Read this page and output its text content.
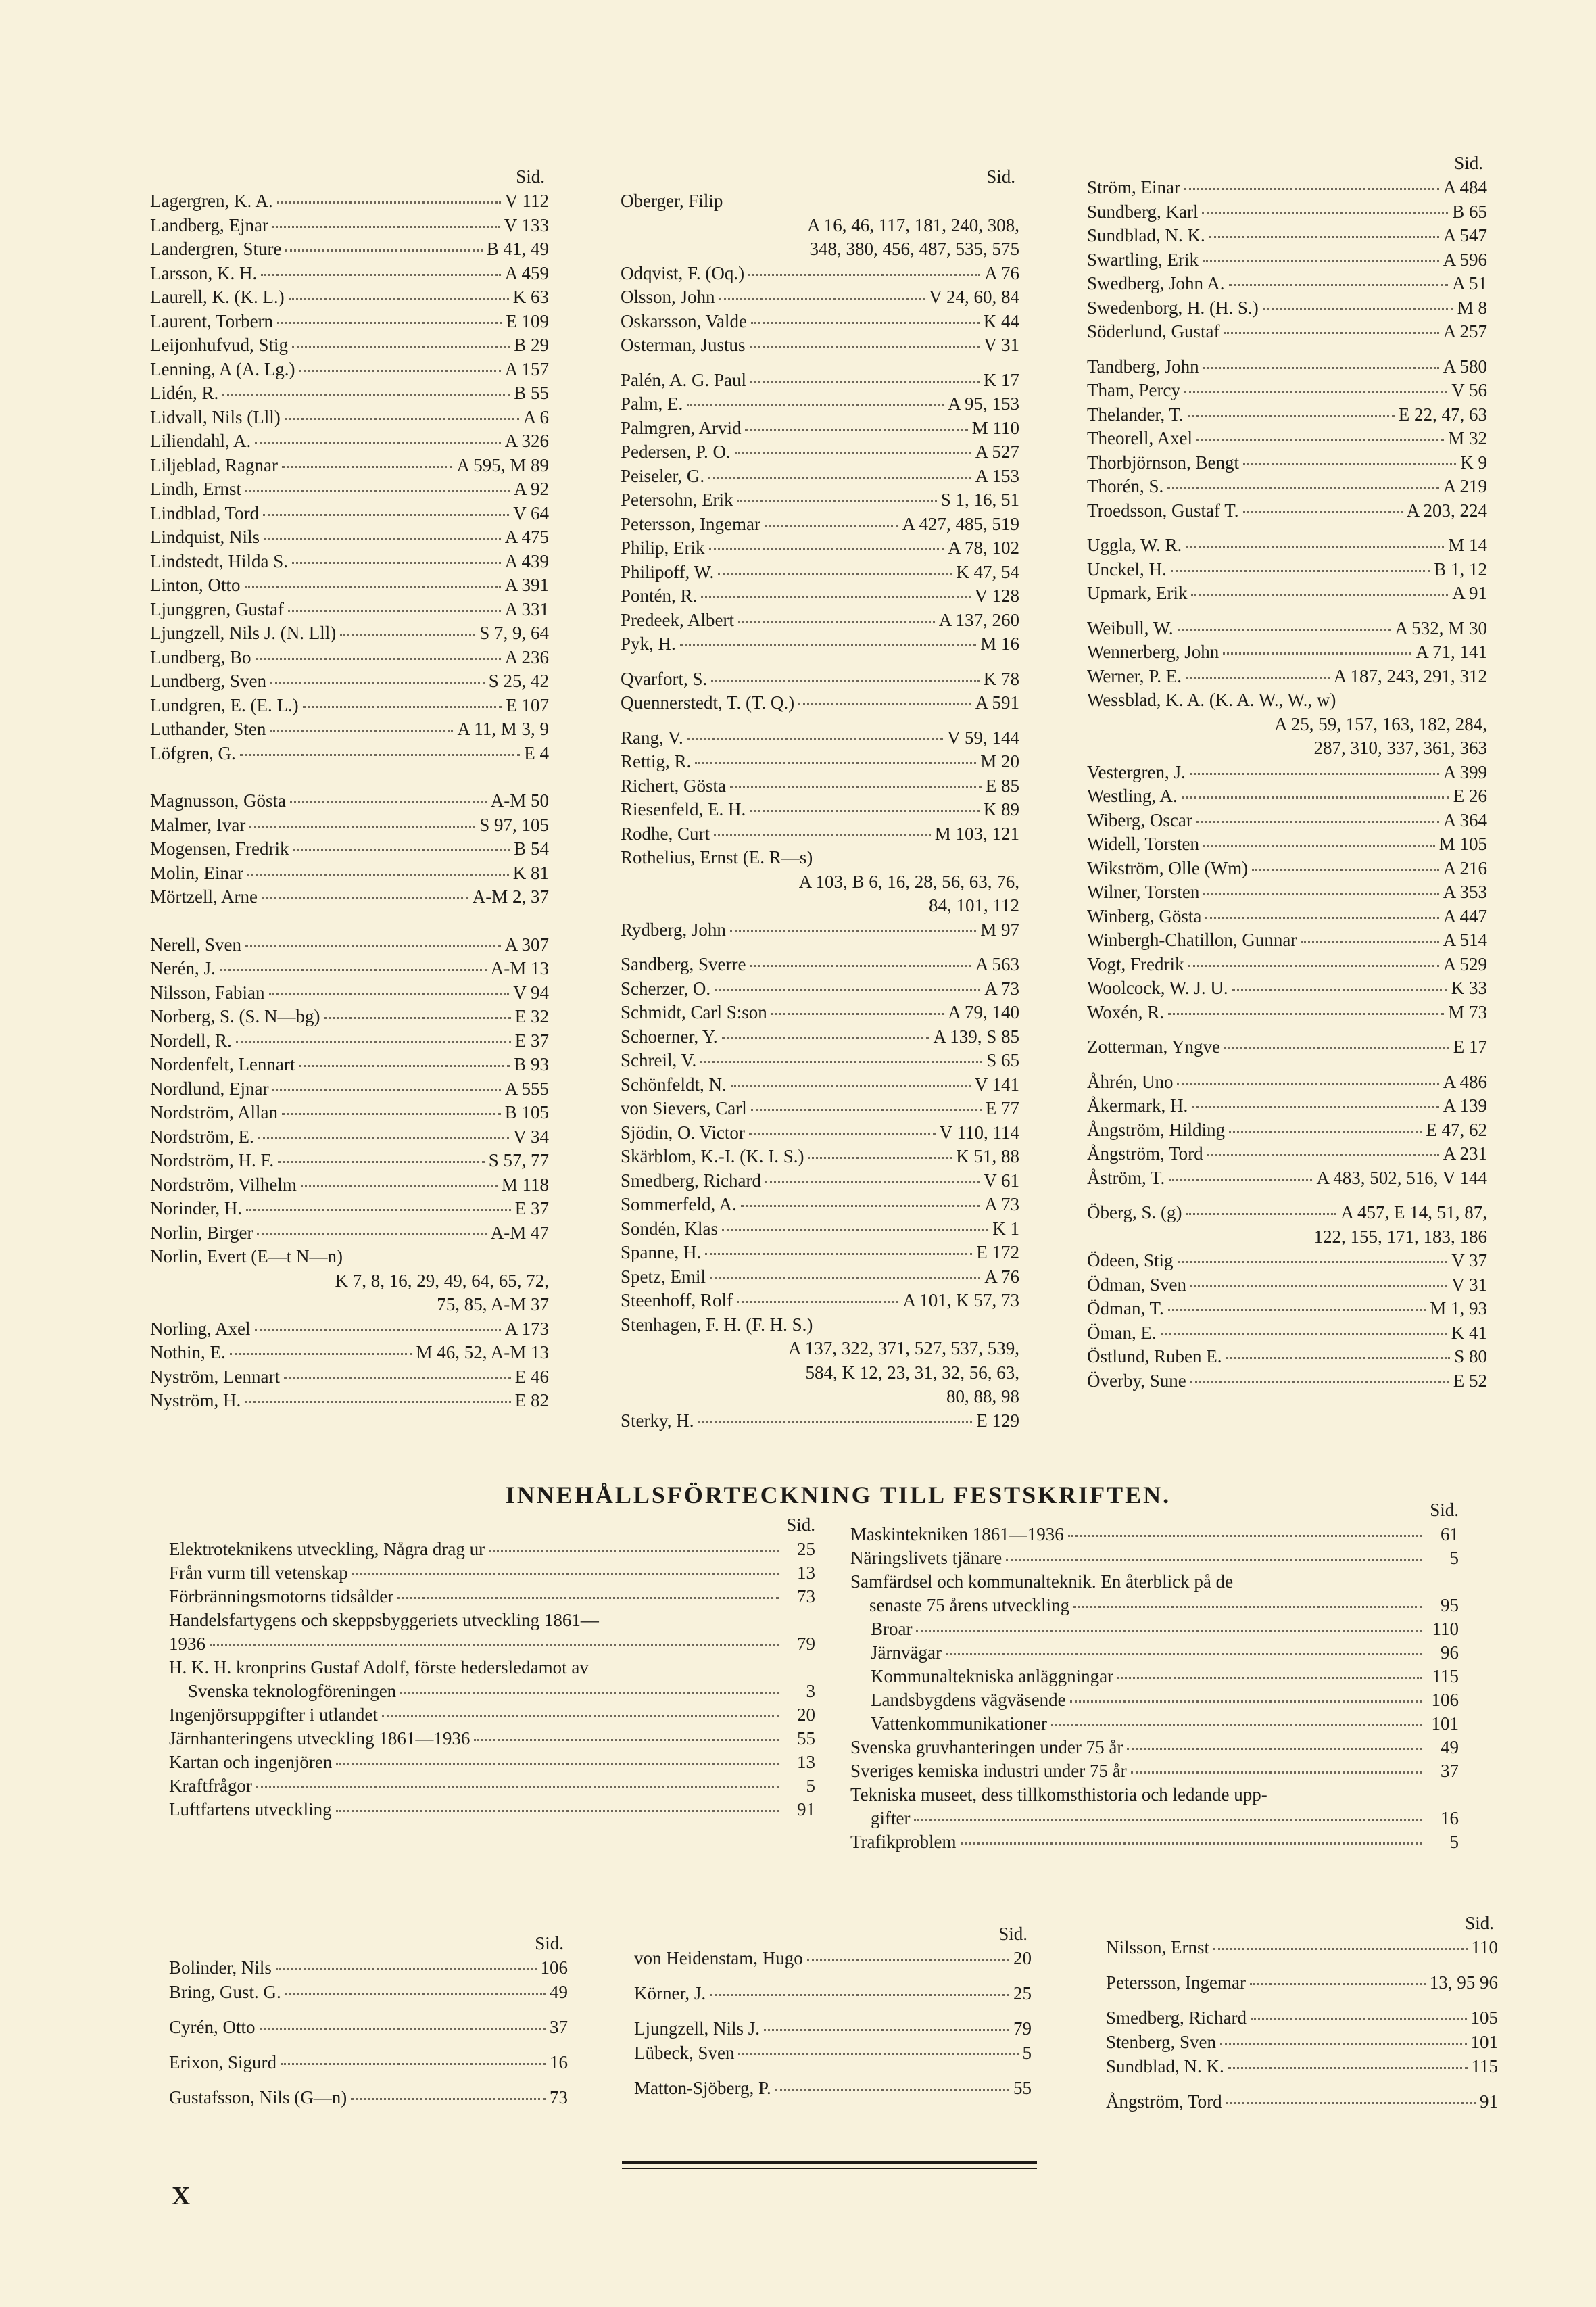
Sid.
Lagergren, K. A.	V 112
Landberg, Ejnar	V 133
Landergren, Sture	B 41, 49
Larsson, K. H.	A 459
Laurell, K. (K. L.)	K 63
Laurent, Torbern	E 109
Leijonhufvud, Stig	B 29
Lenning, A (A. Lg.)	A 157
Lidén, R.	B 55
Lidvall, Nils (Lll)	A 6
Liliendahl, A.	A 326
Liljeblad, Ragnar	A 595, M 89
Lindh, Ernst	A 92
Lindblad, Tord	V 64
Lindquist, Nils	A 475
Lindstedt, Hilda S.	A 439
Linton, Otto	A 391
Ljunggren, Gustaf	A 331
Ljungzell, Nils J. (N. Lll)	S 7, 9, 64
Lundberg, Bo	A 236
Lundberg, Sven	S 25, 42
Lundgren, E. (E. L.)	E 107
Luthander, Sten	A 11, M 3, 9
Löfgren, G.	E 4
Magnusson, Gösta	A-M 50
Malmer, Ivar	S 97, 105
Mogensen, Fredrik	B 54
Molin, Einar	K 81
Mörtzell, Arne	A-M 2, 37
Nerell, Sven	A 307
Nerén, J.	A-M 13
Nilsson, Fabian	V 94
Norberg, S. (S. N—bg)	E 32
Nordell, R.	E 37
Nordenfelt, Lennart	B 93
Nordlund, Ejnar	A 555
Nordström, Allan	B 105
Nordström, E.	V 34
Nordström, H. F.	S 57, 77
Nordström, Vilhelm	M 118
Norinder, H.	E 37
Norlin, Birger	A-M 47
Norlin, Evert (E—t N—n)
K 7, 8, 16, 29, 49, 64, 65, 72,
75, 85, A-M 37
Norling, Axel	A 173
Nothin, E.	M 46, 52, A-M 13
Nyström, Lennart	E 46
Nyström, H.	E 82
Sid.
Oberger, Filip
A 16, 46, 117, 181, 240, 308,
348, 380, 456, 487, 535, 575
Odqvist, F. (Oq.)	A 76
Olsson, John	V 24, 60, 84
Oskarsson, Valde	K 44
Osterman, Justus	V 31
Palén, A. G. Paul	K 17
Palm, E.	A 95, 153
Palmgren, Arvid	M 110
Pedersen, P. O.	A 527
Peiseler, G.	A 153
Petersohn, Erik	S 1, 16, 51
Petersson, Ingemar	A 427, 485, 519
Philip, Erik	A 78, 102
Philipoff, W.	K 47, 54
Pontén, R.	V 128
Predeek, Albert	A 137, 260
Pyk, H.	M 16
Qvarfort, S.	K 78
Quennerstedt, T. (T. Q.)	A 591
Rang, V.	V 59, 144
Rettig, R.	M 20
Richert, Gösta	E 85
Riesenfeld, E. H.	K 89
Rodhe, Curt	M 103, 121
Rothelius, Ernst (E. R—s)
A 103, B 6, 16, 28, 56, 63, 76,
84, 101, 112
Rydberg, John	M 97
Sandberg, Sverre	A 563
Scherzer, O.	A 73
Schmidt, Carl S:son	A 79, 140
Schoerner, Y.	A 139, S 85
Schreil, V.	S 65
Schönfeldt, N.	V 141
von Sievers, Carl	E 77
Sjödin, O. Victor	V 110, 114
Skärblom, K.-I. (K. I. S.)	K 51, 88
Smedberg, Richard	V 61
Sommerfeld, A.	A 73
Sondén, Klas	K 1
Spanne, H.	E 172
Spetz, Emil	A 76
Steenhoff, Rolf	A 101, K 57, 73
Stenhagen, F. H. (F. H. S.)
A 137, 322, 371, 527, 537, 539,
584, K 12, 23, 31, 32, 56, 63,
80, 88, 98
Sterky, H.	E 129
Sid.
Ström, Einar	A 484
Sundberg, Karl	B 65
Sundblad, N. K.	A 547
Swartling, Erik	A 596
Swedberg, John A.	A 51
Swedenborg, H. (H. S.)	M 8
Söderlund, Gustaf	A 257
Tandberg, John	A 580
Tham, Percy	V 56
Thelander, T.	E 22, 47, 63
Theorell, Axel	M 32
Thorbjörnson, Bengt	K 9
Thorén, S.	A 219
Troedsson, Gustaf T.	A 203, 224
Uggla, W. R.	M 14
Unckel, H.	B 1, 12
Upmark, Erik	A 91
Weibull, W.	A 532, M 30
Wennerberg, John	A 71, 141
Werner, P. E.	A 187, 243, 291, 312
Wessblad, K. A. (K. A. W., W., w)
A 25, 59, 157, 163, 182, 284,
287, 310, 337, 361, 363
Vestergren, J.	A 399
Westling, A.	E 26
Wiberg, Oscar	A 364
Widell, Torsten	M 105
Wikström, Olle (Wm)	A 216
Wilner, Torsten	A 353
Winberg, Gösta	A 447
Winbergh-Chatillon, Gunnar	A 514
Vogt, Fredrik	A 529
Woolcock, W. J. U.	K 33
Woxén, R.	M 73
Zotterman, Yngve	E 17
Åhrén, Uno	A 486
Åkermark, H.	A 139
Ångström, Hilding	E 47, 62
Ångström, Tord	A 231
Åström, T.	A 483, 502, 516, V 144
Öberg, S. (g)	A 457, E 14, 51, 87,
122, 155, 171, 183, 186
Ödeen, Stig	V 37
Ödman, Sven	V 31
Ödman, T.	M 1, 93
Öman, E.	K 41
Östlund, Ruben E.	S 80
Överby, Sune	E 52
INNEHÅLLSFÖRTECKNING TILL FESTSKRIFTEN.
Sid.
Elektroteknikens utveckling, Några drag ur	25
Från vurm till vetenskap	13
Förbränningsmotorns tidsålder	73
Handelsfartygens och skeppsbyggeriets utveckling 1861—
1936	79
H. K. H. kronprins Gustaf Adolf, förste hedersledamot av
Svenska teknologföreningen	3
Ingenjörsuppgifter i utlandet	20
Järnhanteringens utveckling 1861—1936	55
Kartan och ingenjören	13
Kraftfrågor	5
Luftfartens utveckling	91
Sid.
Maskintekniken 1861—1936	61
Näringslivets tjänare	5
Samfärdsel och kommunalteknik. En återblick på de
senaste 75 årens utveckling	95
Broar	110
Järnvägar	96
Kommunaltekniska anläggningar	115
Landsbygdens vägväsende	106
Vattenkommunikationer	101
Svenska gruvhanteringen under 75 år	49
Sveriges kemiska industri under 75 år	37
Tekniska museet, dess tillkomsthistoria och ledande upp-
gifter	16
Trafikproblem	5
Sid.
Bolinder, Nils	106
Bring, Gust. G.	49
Cyrén, Otto	37
Erixon, Sigurd	16
Gustafsson, Nils (G—n)	73
Sid.
von Heidenstam, Hugo	20
Körner, J.	25
Ljungzell, Nils J.	79
Lübeck, Sven	5
Matton-Sjöberg, P.	55
Sid.
Nilsson, Ernst	110
Petersson, Ingemar	13, 95 96
Smedberg, Richard	105
Stenberg, Sven	101
Sundblad, N. K.	115
Ångström, Tord	91
X
